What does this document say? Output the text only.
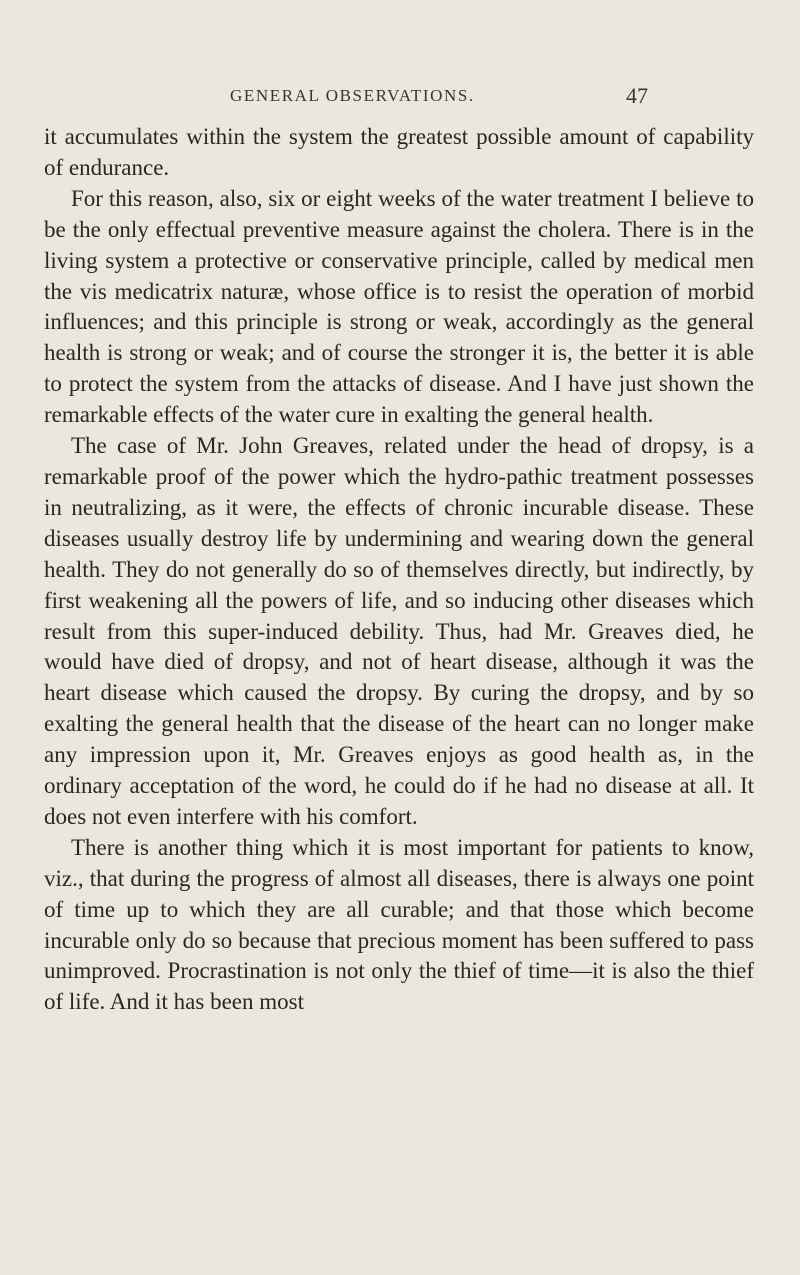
GENERAL OBSERVATIONS.	47

it accumulates within the system the greatest possible amount of capability of endurance.

For this reason, also, six or eight weeks of the water treatment I believe to be the only effectual preventive measure against the cholera. There is in the living system a protective or conservative principle, called by medical men the vis medicatrix naturæ, whose office is to resist the operation of morbid influences; and this principle is strong or weak, accordingly as the general health is strong or weak; and of course the stronger it is, the better it is able to protect the system from the attacks of disease. And I have just shown the remarkable effects of the water cure in exalting the general health.

The case of Mr. John Greaves, related under the head of dropsy, is a remarkable proof of the power which the hydro-pathic treatment possesses in neutralizing, as it were, the effects of chronic incurable disease. These diseases usually destroy life by undermining and wearing down the general health. They do not generally do so of themselves directly, but indirectly, by first weakening all the powers of life, and so inducing other diseases which result from this super-induced debility. Thus, had Mr. Greaves died, he would have died of dropsy, and not of heart disease, although it was the heart disease which caused the dropsy. By curing the dropsy, and by so exalting the general health that the disease of the heart can no longer make any impression upon it, Mr. Greaves enjoys as good health as, in the ordinary acceptation of the word, he could do if he had no disease at all. It does not even interfere with his comfort.

There is another thing which it is most important for patients to know, viz., that during the progress of almost all diseases, there is always one point of time up to which they are all curable; and that those which become incurable only do so because that precious moment has been suffered to pass unimproved. Procrastination is not only the thief of time—it is also the thief of life. And it has been most
